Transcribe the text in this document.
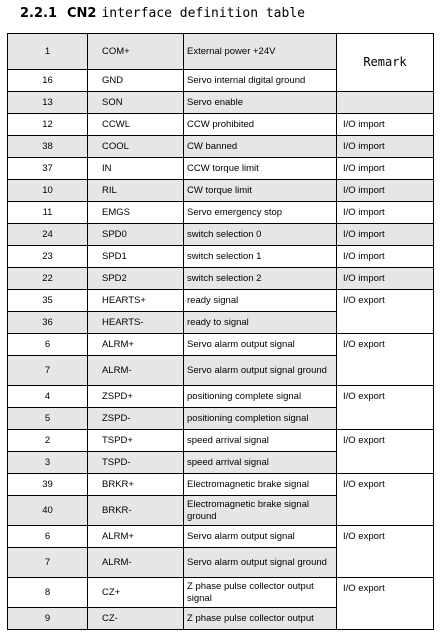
2.2.1 CN2 interface definition table
1	COM+	External power +24V	Remark
16	GND	Servo internal digital ground	
13	SON	Servo enable	
12	CCWL	CCW prohibited	I/O import
38	COOL	CW banned	I/O import
37	IN	CCW torque limit	I/O import
10	RIL	CW torque limit	I/O import
11	EMGS	Servo emergency stop	I/O import
24	SPD0	switch selection 0	I/O import
23	SPD1	switch selection 1	I/O import
22	SPD2	switch selection 2	I/O import
35	HEARTS+	ready signal	I/O export
36	HEARTS-	ready to signal	
6	ALRM+	Servo alarm output signal	I/O export
7	ALRM-	Servo alarm output signal ground	
4	ZSPD+	positioning complete signal	I/O export
5	ZSPD-	positioning completion signal	
2	TSPD+	speed arrival signal	I/O export
3	TSPD-	speed arrival signal	
39	BRKR+	Electromagnetic brake signal	I/O export
40	BRKR-	Electromagnetic brake signal ground	
6	ALRM+	Servo alarm output signal	I/O export
7	ALRM-	Servo alarm output signal ground	
8	CZ+	Z phase pulse collector output signal	I/O export
9	CZ-	Z phase pulse collector output	
